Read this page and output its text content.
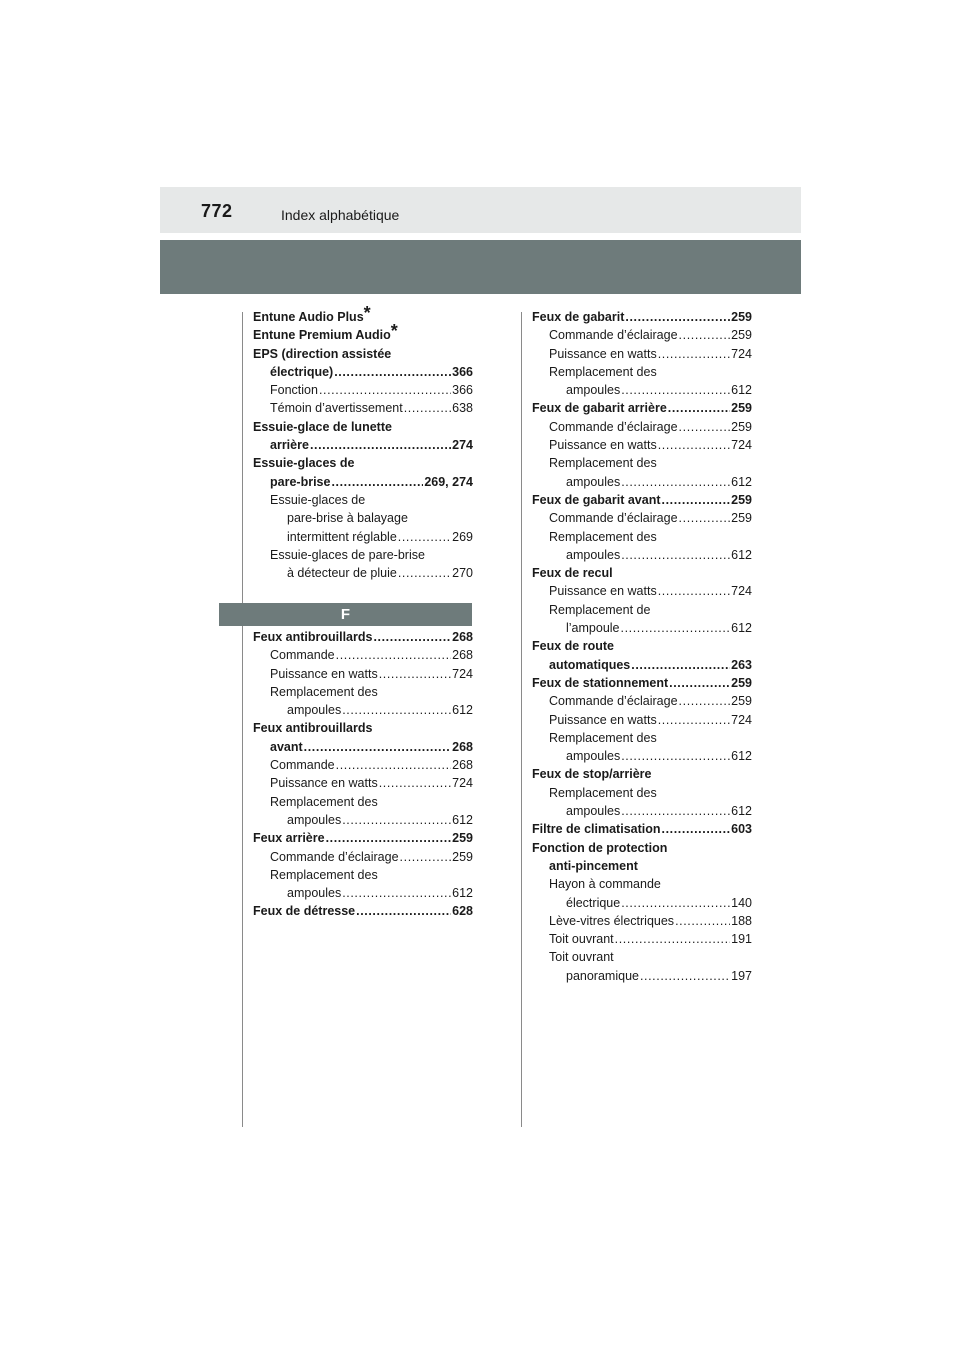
772	Index alphabétique
Entune Audio Plus*
Entune Premium Audio*
EPS (direction assistée
électrique) .....	366
Fonction .....	366
Témoin d’avertissement .....	638
Essuie-glace de lunette
arrière .....	274
Essuie-glaces de
pare-brise .....	269, 274
Essuie-glaces de
pare-brise à balayage
intermittent réglable .....	269
Essuie-glaces de pare-brise
à détecteur de pluie .....	270
F
Feux antibrouillards .....	268
Commande .....	268
Puissance en watts .....	724
Remplacement des
ampoules .....	612
Feux antibrouillards
avant .....	268
Commande .....	268
Puissance en watts .....	724
Remplacement des
ampoules .....	612
Feux arrière .....	259
Commande d’éclairage .....	259
Remplacement des
ampoules .....	612
Feux de détresse .....	628
Feux de gabarit .....	259
Commande d’éclairage .....	259
Puissance en watts .....	724
Remplacement des
ampoules .....	612
Feux de gabarit arrière .....	259
Commande d’éclairage .....	259
Puissance en watts .....	724
Remplacement des
ampoules .....	612
Feux de gabarit avant .....	259
Commande d’éclairage .....	259
Remplacement des
ampoules .....	612
Feux de recul
Puissance en watts .....	724
Remplacement de
l’ampoule .....	612
Feux de route
automatiques .....	263
Feux de stationnement .....	259
Commande d’éclairage .....	259
Puissance en watts .....	724
Remplacement des
ampoules .....	612
Feux de stop/arrière
Remplacement des
ampoules .....	612
Filtre de climatisation .....	603
Fonction de protection
anti-pincement
Hayon à commande
électrique .....	140
Lève-vitres électriques .....	188
Toit ouvrant .....	191
Toit ouvrant
panoramique .....	197
